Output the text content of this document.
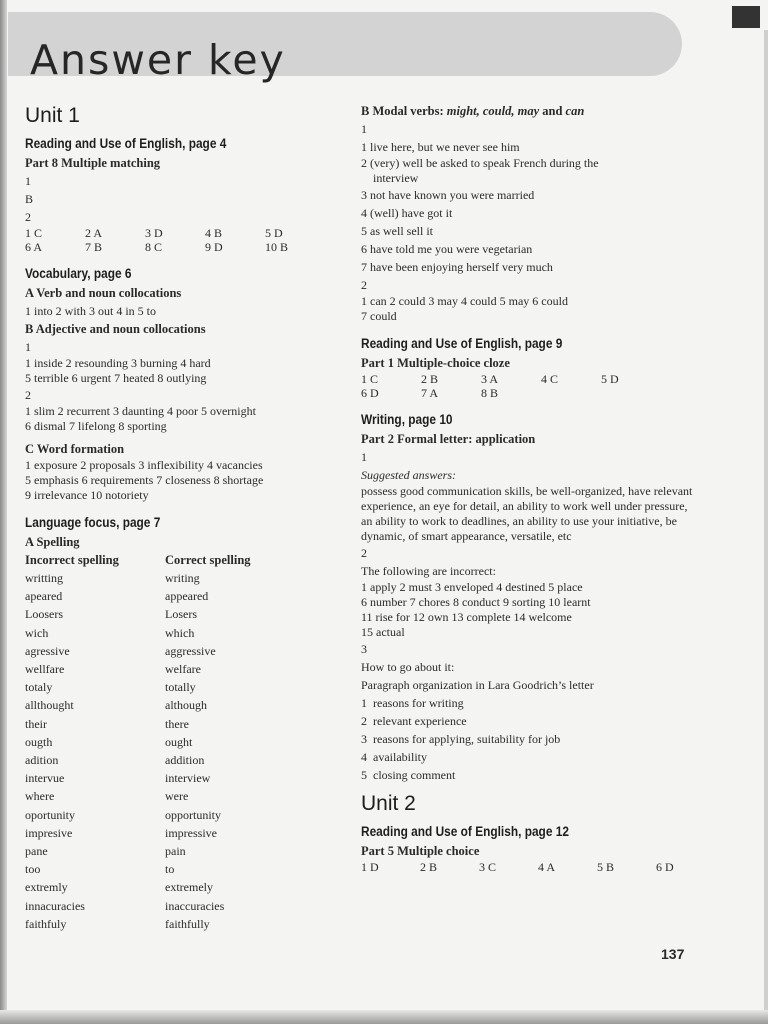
Answer key
Unit 1
Reading and Use of English, page 4
Part 8 Multiple matching
1
B
2
1 C	2 A	3 D	4 B	5 D
6 A	7 B	8 C	9 D	10 B
Vocabulary, page 6
A Verb and noun collocations
1 into 2 with 3 out 4 in 5 to
B Adjective and noun collocations
1
1 inside 2 resounding 3 burning 4 hard
5 terrible 6 urgent 7 heated 8 outlying
2
1 slim 2 recurrent 3 daunting 4 poor 5 overnight
6 dismal 7 lifelong 8 sporting
C Word formation
1 exposure 2 proposals 3 inflexibility 4 vacancies
5 emphasis 6 requirements 7 closeness 8 shortage
9 irrelevance 10 notoriety
Language focus, page 7
A Spelling
Incorrect spelling	Correct spelling
writting	writing
apeared	appeared
Loosers	Losers
wich	which
agressive	aggressive
wellfare	welfare
totaly	totally
allthought	although
their	there
ougth	ought
adition	addition
intervue	interview
where	were
oportunity	opportunity
impresive	impressive
pane	pain
too	to
extremly	extremely
innacuracies	inaccuracies
faithfuly	faithfully
B Modal verbs: might, could, may and can
1
1 live here, but we never see him
2 (very) well be asked to speak French during the
interview
3 not have known you were married
4 (well) have got it
5 as well sell it
6 have told me you were vegetarian
7 have been enjoying herself very much
2
1 can 2 could 3 may 4 could 5 may 6 could
7 could
Reading and Use of English, page 9
Part 1 Multiple-choice cloze
1 C	2 B	3 A	4 C	5 D
6 D	7 A	8 B
Writing, page 10
Part 2 Formal letter: application
1
Suggested answers:
possess good communication skills, be well-organized, have relevant experience, an eye for detail, an ability to work well under pressure, an ability to work to deadlines, an ability to use your initiative, be dynamic, of smart appearance, versatile, etc
2
The following are incorrect:
1 apply 2 must 3 enveloped 4 destined 5 place
6 number 7 chores 8 conduct 9 sorting 10 learnt
11 rise for 12 own 13 complete 14 welcome
15 actual
3
How to go about it:
Paragraph organization in Lara Goodrich’s letter
1  reasons for writing
2  relevant experience
3  reasons for applying, suitability for job
4  availability
5  closing comment
Unit 2
Reading and Use of English, page 12
Part 5 Multiple choice
1 D	2 B	3 C	4 A	5 B	6 D
137
